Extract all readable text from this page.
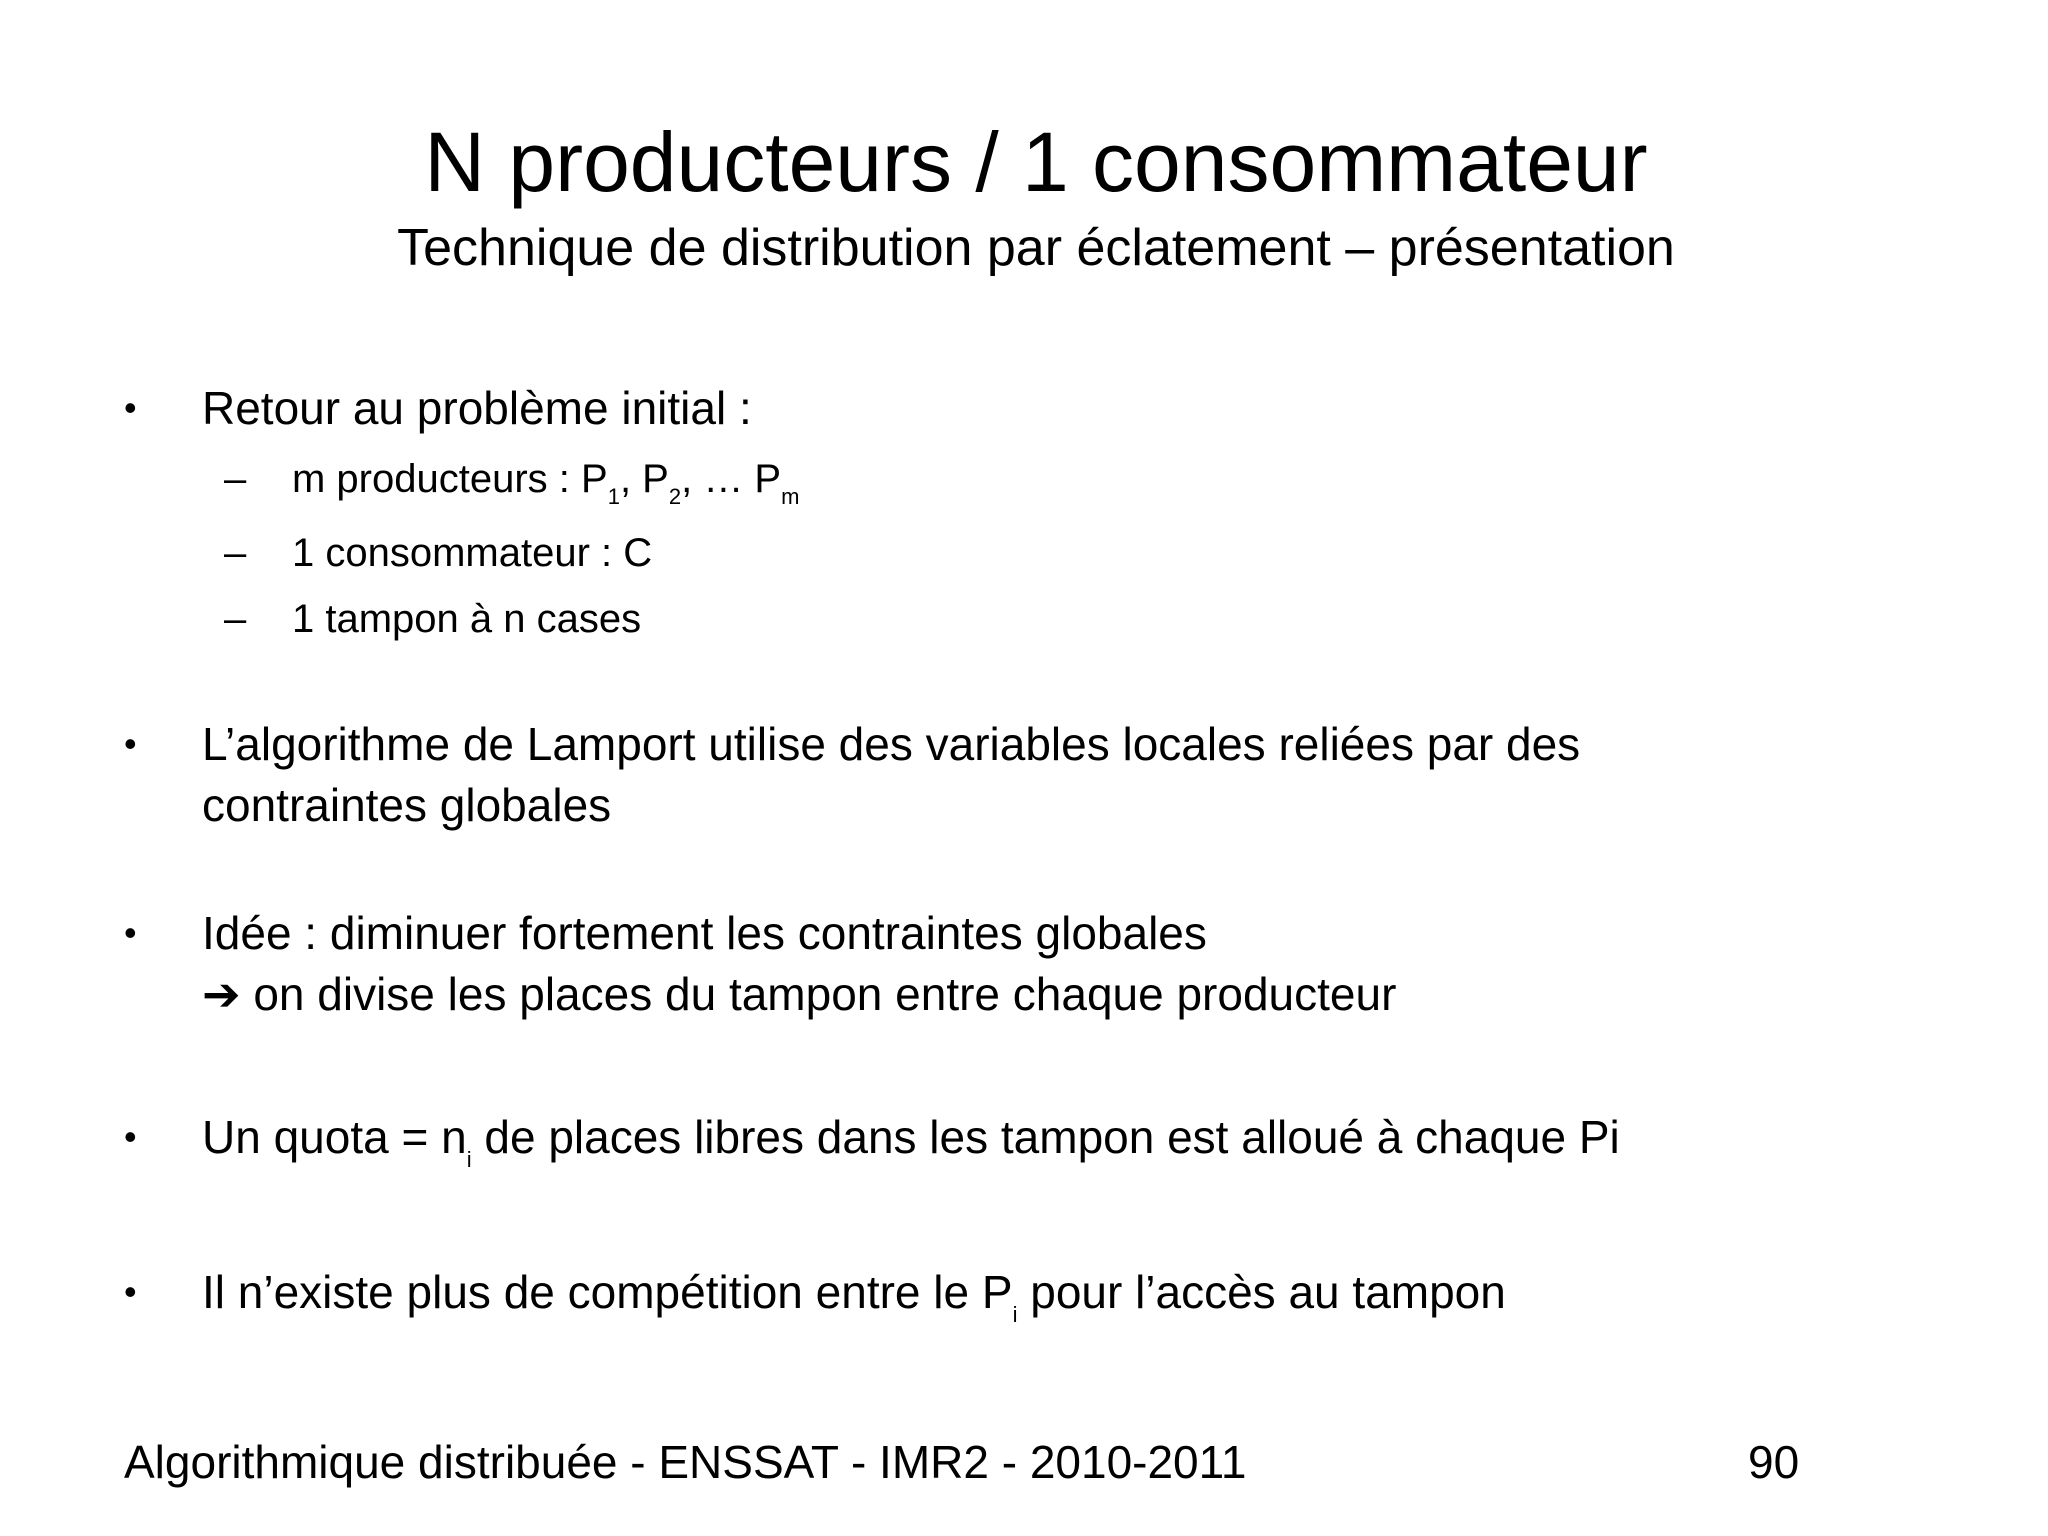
N producteurs / 1 consommateur
Technique de distribution par éclatement – présentation
• Retour au problème initial :
– m producteurs : $P_1$, $P_2$, … $P_m$
– 1 consommateur : C
– 1 tampon à n cases
• L’algorithme de Lamport utilise des variables locales reliées par des
contraintes globales
• Idée : diminuer fortement les contraintes globales
➔ on divise les places du tampon entre chaque producteur
• Un quota = $n_i$ de places libres dans les tampon est alloué à chaque Pi
• Il n’existe plus de compétition entre le $P_i$ pour l’accès au tampon
Algorithmique distribuée - ENSSAT - IMR2 - 2010-2011	90
